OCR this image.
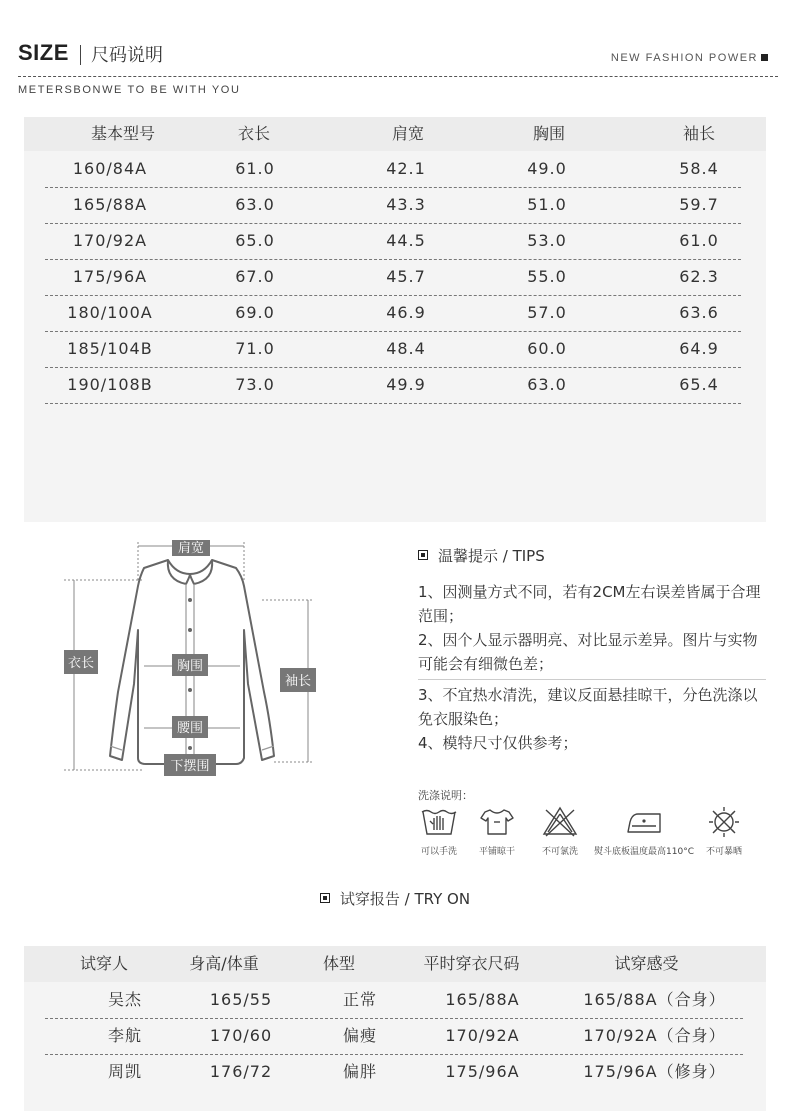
SIZE 尺码说明	NEW FASHION POWER
METERSBONWE TO BE WITH YOU
基本型号	衣长	肩宽	胸围	袖长
160/84A	61.0	42.1	49.0	58.4
165/88A	63.0	43.3	51.0	59.7
170/92A	65.0	44.5	53.0	61.0
175/96A	67.0	45.7	55.0	62.3
180/100A	69.0	46.9	57.0	63.6
185/104B	71.0	48.4	60.0	64.9
190/108B	73.0	49.9	63.0	65.4
肩宽
衣长	胸围
袖长
腰围
下摆围
温馨提示 / TIPS
1、因测量方式不同，若有2CM左右误差皆属于合理范围；
2、因个人显示器明亮、对比显示差异。图片与实物可能会有细微色差；
3、不宜热水清洗，建议反面悬挂晾干，分色洗涤以免衣服染色；
4、模特尺寸仅供参考；
洗涤说明：
可以手洗	平铺晾干	不可氯洗	熨斗底板温度最高110°C	不可暴晒
试穿报告 / TRY ON
试穿人	身高/体重	体型	平时穿衣尺码	试穿感受
吴杰	165/55	正常	165/88A	165/88A（合身）
李航	170/60	偏瘦	170/92A	170/92A（合身）
周凯	176/72	偏胖	175/96A	175/96A（修身）
